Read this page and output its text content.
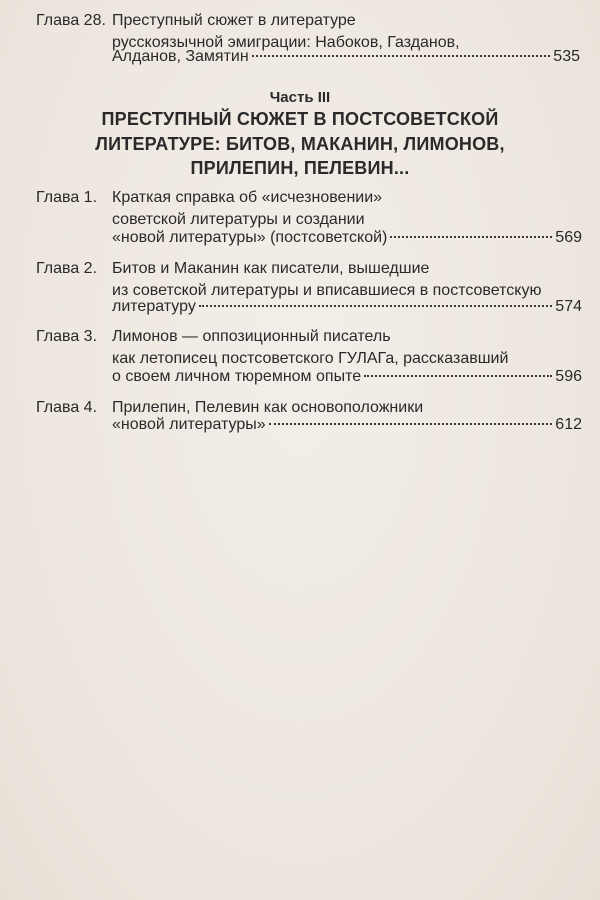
Глава 28. Преступный сюжет в литературе
русскоязычной эмиграции: Набоков, Газданов,
Алданов, Замятин	535
Часть III
ПРЕСТУПНЫЙ СЮЖЕТ В ПОСТСОВЕТСКОЙ
ЛИТЕРАТУРЕ: БИТОВ, МАКАНИН, ЛИМОНОВ,
ПРИЛЕПИН, ПЕЛЕВИН...
Глава 1. Краткая справка об «исчезновении»
советской литературы и создании
«новой литературы» (постсоветской)	569
Глава 2. Битов и Маканин как писатели, вышедшие
из советской литературы и вписавшиеся в постсоветскую
литературу	574
Глава 3. Лимонов — оппозиционный писатель
как летописец постсоветского ГУЛАГа, рассказавший
о своем личном тюремном опыте	596
Глава 4. Прилепин, Пелевин как основоположники
«новой литературы»	612
